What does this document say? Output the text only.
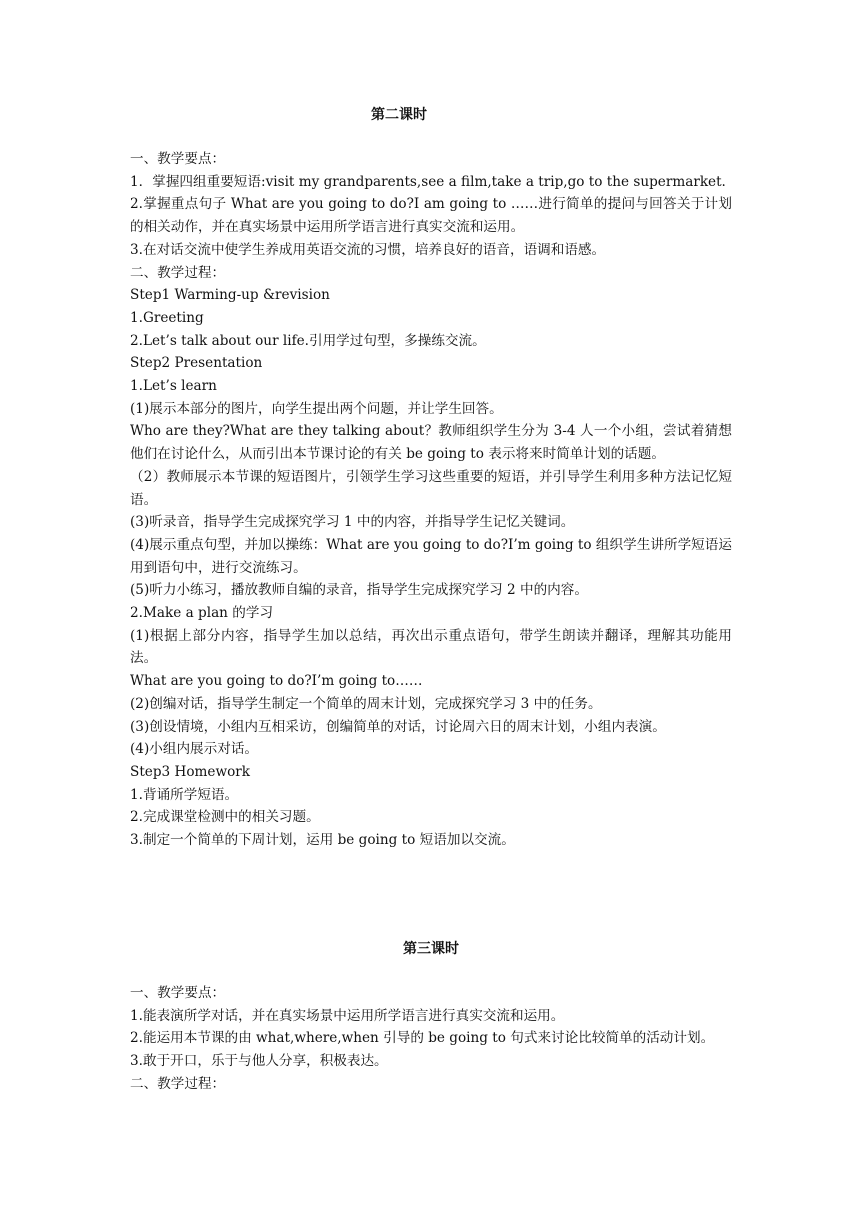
第二课时

一、教学要点：

1．掌握四组重要短语:visit my grandparents,see a film,take a trip,go to the supermarket.

2.掌握重点句子 What are you going to do?I am going to ……进行简单的提问与回答关于计划的相关动作，并在真实场景中运用所学语言进行真实交流和运用。

3.在对话交流中使学生养成用英语交流的习惯，培养良好的语音，语调和语感。

二、教学过程：

Step1 Warming-up &revision

1.Greeting

2.Let’s talk about our life.引用学过句型，多操练交流。

Step2 Presentation

1.Let’s learn

(1)展示本部分的图片，向学生提出两个问题，并让学生回答。

Who are they?What are they talking about？教师组织学生分为 3-4 人一个小组，尝试着猜想他们在讨论什么，从而引出本节课讨论的有关 be going to 表示将来时简单计划的话题。

（2）教师展示本节课的短语图片，引领学生学习这些重要的短语，并引导学生利用多种方法记忆短语。

(3)听录音，指导学生完成探究学习 1 中的内容，并指导学生记忆关键词。

(4)展示重点句型，并加以操练：What are you going to do?I’m going to 组织学生讲所学短语运用到语句中，进行交流练习。

(5)听力小练习，播放教师自编的录音，指导学生完成探究学习 2 中的内容。

2.Make a plan 的学习

(1)根据上部分内容，指导学生加以总结，再次出示重点语句，带学生朗读并翻译，理解其功能用法。

What are you going to do?I’m going to……

(2)创编对话，指导学生制定一个简单的周末计划，完成探究学习 3 中的任务。

(3)创设情境，小组内互相采访，创编简单的对话，讨论周六日的周末计划，小组内表演。

(4)小组内展示对话。

Step3 Homework

1.背诵所学短语。

2.完成课堂检测中的相关习题。

3.制定一个简单的下周计划，运用 be going to 短语加以交流。

第三课时

一、教学要点：

1.能表演所学对话，并在真实场景中运用所学语言进行真实交流和运用。

2.能运用本节课的由 what,where,when 引导的 be going to 句式来讨论比较简单的活动计划。

3.敢于开口，乐于与他人分享，积极表达。

二、教学过程：
